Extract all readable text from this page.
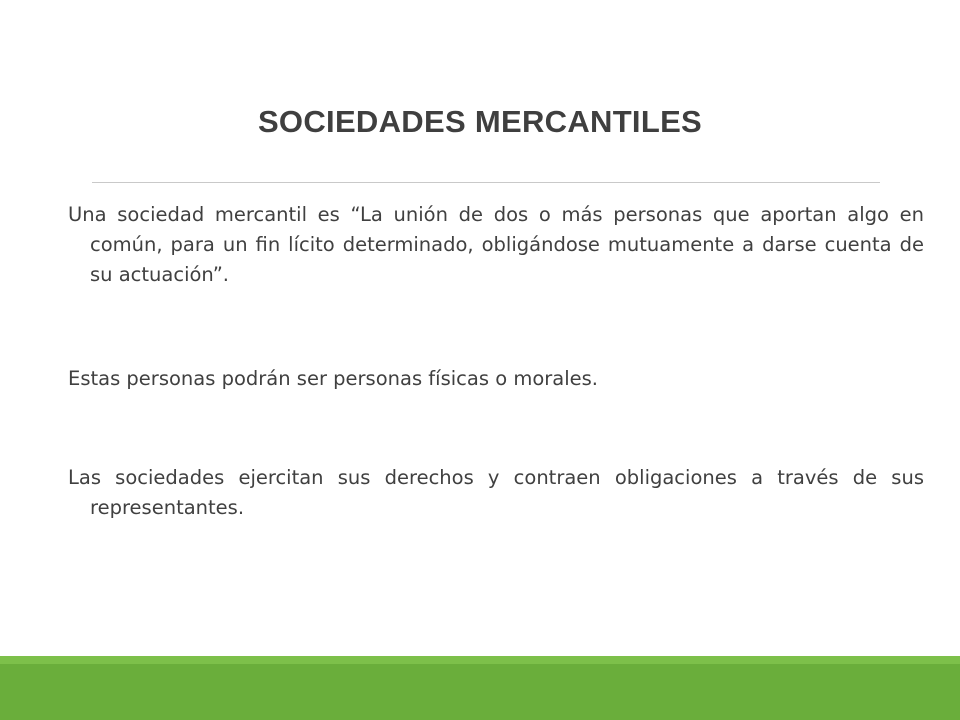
SOCIEDADES MERCANTILES

Una sociedad mercantil es “La unión de dos o más personas que aportan algo en común, para un fin lícito determinado, obligándose mutuamente a darse cuenta de su actuación”.

Estas personas podrán ser personas físicas o morales.

Las sociedades ejercitan sus derechos y contraen obligaciones a través de sus representantes.
